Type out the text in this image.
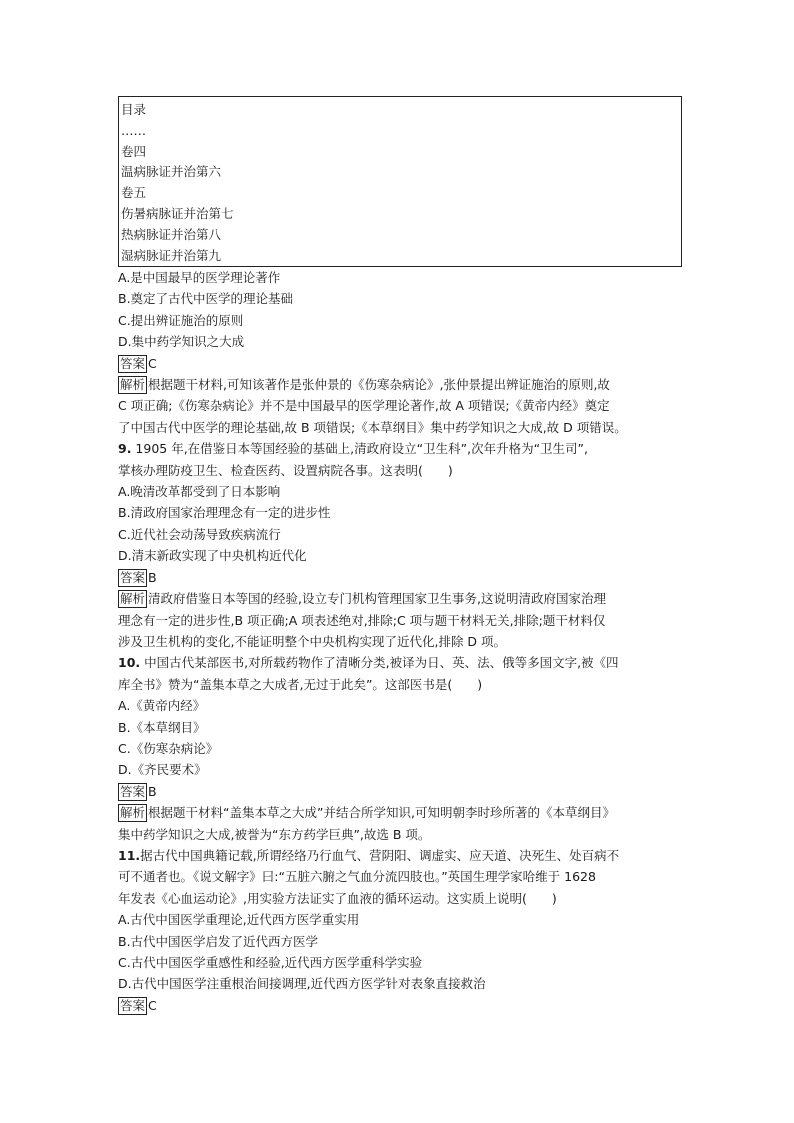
目录
……
卷四
温病脉证并治第六
卷五
伤暑病脉证并治第七
热病脉证并治第八
湿病脉证并治第九
A.是中国最早的医学理论著作
B.奠定了古代中医学的理论基础
C.提出辨证施治的原则
D.集中药学知识之大成
答案 C
解析 根据题干材料,可知该著作是张仲景的《伤寒杂病论》,张仲景提出辨证施治的原则,故
C 项正确;《伤寒杂病论》并不是中国最早的医学理论著作,故 A 项错误;《黄帝内经》奠定
了中国古代中医学的理论基础,故 B 项错误;《本草纲目》集中药学知识之大成,故 D 项错误。
9. 1905 年,在借鉴日本等国经验的基础上,清政府设立“卫生科”,次年升格为“卫生司”,
掌核办理防疫卫生、检查医药、设置病院各事。这表明(　　)
A.晚清改革都受到了日本影响
B.清政府国家治理理念有一定的进步性
C.近代社会动荡导致疾病流行
D.清末新政实现了中央机构近代化
答案 B
解析 清政府借鉴日本等国的经验,设立专门机构管理国家卫生事务,这说明清政府国家治理
理念有一定的进步性,B 项正确;A 项表述绝对,排除;C 项与题干材料无关,排除;题干材料仅
涉及卫生机构的变化,不能证明整个中央机构实现了近代化,排除 D 项。
10. 中国古代某部医书,对所载药物作了清晰分类,被译为日、英、法、俄等多国文字,被《四
库全书》赞为“盖集本草之大成者,无过于此矣”。这部医书是(　　)
A.《黄帝内经》
B.《本草纲目》
C.《伤寒杂病论》
D.《齐民要术》
答案 B
解析 根据题干材料“盖集本草之大成”并结合所学知识,可知明朝李时珍所著的《本草纲目》
集中药学知识之大成,被誉为“东方药学巨典”,故选 B 项。
11.据古代中国典籍记载,所谓经络乃行血气、营阴阳、调虚实、应天道、决死生、处百病不
可不通者也。《说文解字》曰:“五脏六腑之气血分流四肢也。”英国生理学家哈维于 1628
年发表《心血运动论》,用实验方法证实了血液的循环运动。这实质上说明(　　)
A.古代中国医学重理论,近代西方医学重实用
B.古代中国医学启发了近代西方医学
C.古代中国医学重感性和经验,近代西方医学重科学实验
D.古代中国医学注重根治间接调理,近代西方医学针对表象直接救治
答案 C
